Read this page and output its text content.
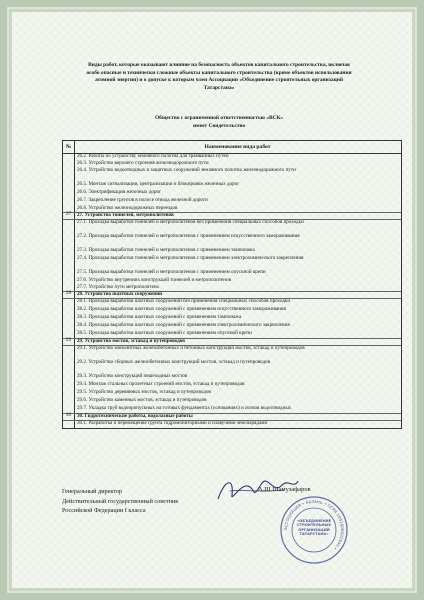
Виды работ, которые оказывают влияние на безопасность объектов капитального строительства, включая
особо опасные и технически сложные объекты капитального строительства (кроме объектов использования
атомной энергии) и о допуске к которым член Ассоциации «Объединение строительных организаций
Татарстана»
Общество с ограниченной ответственностью «ВСК»
имеет Свидетельство
№	Наименование вида работ
26.2. Работы по устройству земляного полотна для трамвайных путей
26.3. Устройство верхнего строения железнодорожного пути
26.4. Устройство водоотводных и защитных сооружений земляного полотна железнодорожного пути
26.5. Монтаж сигнализации, централизации и блокировки железных дорог
26.6. Электрификация железных дорог
26.7. Закрепление грунтов в полосе отвода железной дороги
26.8. Устройство железнодорожных переездов
27	27. Устройство тоннелей, метрополитенов
27.1. Проходка выработки тоннелей и метрополитенов без применения специальных способов проходки
27.2. Проходка выработки тоннелей и метрополитенов с применением искусственного замораживания
27.3. Проходка выработки тоннелей и метрополитенов с применением тампонажа
27.4. Проходка выработки тоннелей и метрополитенов с применением электрохимического закрепления
27.5. Проходка выработки тоннелей и метрополитенов с применением опускной крепи
27.6. Устройство внутренних конструкций тоннелей и метрополитенов
27.7. Устройство пути метрополитена
28	28. Устройство шахтных сооружений
28.1. Проходка выработки шахтных сооружений без применения специальных способов проходки
28.2. Проходка выработки шахтных сооружений с применением искусственного замораживания
28.3. Проходка выработки шахтных сооружений с применением тампонажа
28.4. Проходка выработки шахтных сооружений с применением электрохимического закрепления
28.5. Проходка выработки шахтных сооружений с применением опускной крепи
29	29. Устройство мостов, эстакад и путепроводов
29.1. Устройство монолитных железобетонных и бетонных конструкций мостов, эстакад и путепроводов
29.2. Устройство сборных железобетонных конструкций мостов, эстакад и путепроводов
29.3. Устройство конструкций пешеходных мостов
29.4. Монтаж стальных пролетных строений мостов, эстакад и путепроводов
29.5. Устройство деревянных мостов, эстакад и путепроводов
29.6. Устройство каменных мостов, эстакад и путепроводов
29.7. Укладка труб водопропускных на готовых фундаментах (основаниях) и лотков водоотводных
30	30. Гидротехнические работы, водолазные работы
30.1. Разработка и перемещение грунта гидромониторными и плавучими земснарядами
Генеральный директор
Действительный государственный советник
Российской Федерации I класса
А.Ш.Шамузафаров
АССОЦИАЦИЯ • КАЗАНЬ • ОГРН 1091600002840 •
«ОБЪЕДИНЕНИЕ СТРОИТЕЛЬНЫХ ОРГАНИЗАЦИЙ ТАТАРСТАНА»
